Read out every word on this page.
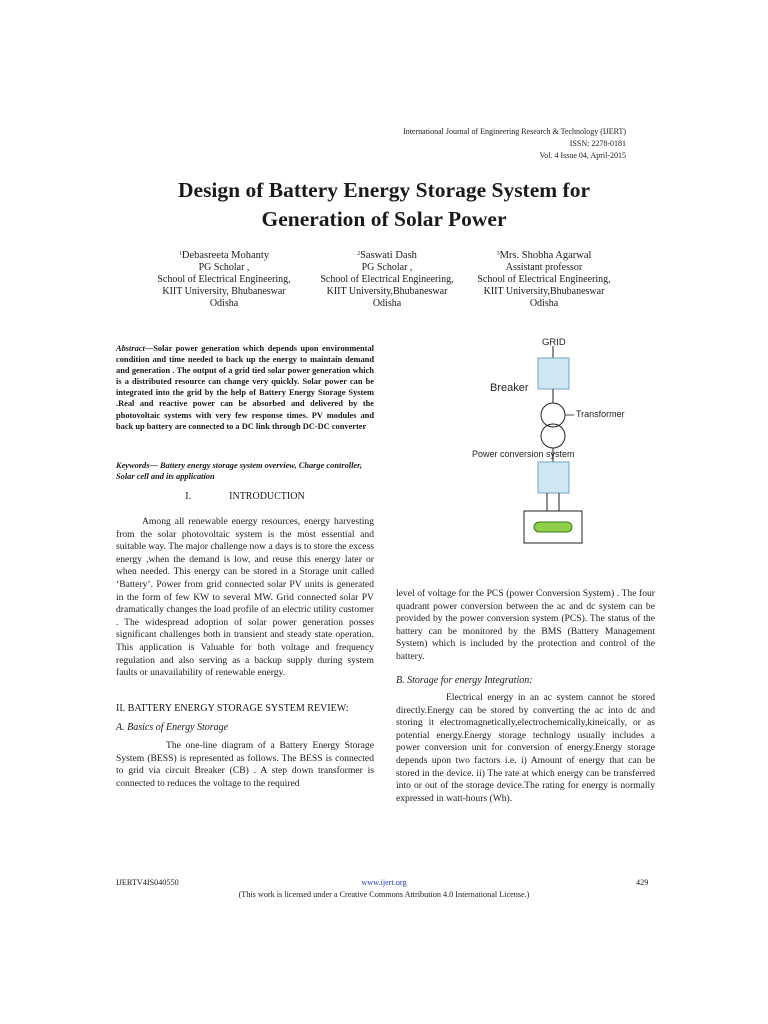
International Journal of Engineering Research & Technology (IJERT)
ISSN: 2278-0181
Vol. 4 Issue 04, April-2015
Design of Battery Energy Storage System for
Generation of Solar Power
$^1$Debasreeta Mohanty
PG Scholar ,
School of Electrical Engineering,
KIIT University, Bhubaneswar
Odisha
$^2$Saswati Dash
PG Scholar ,
School of Electrical Engineering,
KIIT University,Bhubaneswar
Odisha
$^3$Mrs. Shobha Agarwal
Assistant professor
School of Electrical Engineering,
KIIT University,Bhubaneswar
Odisha
Abstract—Solar power generation which depends upon environmental condition and time needed to back up the energy to maintain demand and generation . The output of a grid tied solar power generation which is a distributed resource can change very quickly. Solar power can be integrated into the grid by the help of Battery Energy Storage System .Real and reactive power can be absorbed and delivered by the photovoltaic systems with very few response times. PV modules and back up battery are connected to a DC link through DC-DC converter
Keywords— Battery energy storage system overview, Charge controller, Solar cell and its application
I.	INTRODUCTION

Among all renewable energy resources, energy harvesting from the solar photovoltaic system is the most essential and suitable way. The major challenge now a days is to store the excess energy ,when the demand is low, and reuse this energy later or when needed. This energy can be stored in a Storage unit called ‘Battery’. Power from grid connected solar PV units is generated in the form of few KW to several MW. Grid connected solar PV dramatically changes the load profile of an electric utility customer . The widespread adoption of solar power generation posses significant challenges both in transient and steady state operation. This application is Valuable for both voltage and frequency regulation and also serving as a backup supply during system faults or unavailability of renewable energy.

II. BATTERY ENERGY STORAGE SYSTEM REVIEW:
A. Basics of Energy Storage

The one-line diagram of a Battery Energy Storage System (BESS) is represented as follows. The BESS is connected to grid via circuit Breaker (CB) . A step down transformer is connected to reduces the voltage to the required

GRID
Breaker
Transformer
Power conversion system

level of voltage for the PCS (power Conversion System) . The four quadrant power conversion between the ac and dc system can be provided by the power conversion system (PCS). The status of the battery can be monitored by the BMS (Battery Management System) which is included by the protection and control of the battery.

B. Storage for energy Integration:

Electrical energy in an ac system cannot be stored directly.Energy can be stored by converting the ac into dc and storing it electromagnetically,electrochemically,kineically, or as potential energy.Energy storage technlogy usually includes a power conversion unit for conversion of energy.Energy storage depends upon two factors i.e. i) Amount of energy that can be stored in the device. ii) The rate at which energy can be transferred into or out of the storage device.The rating for energy is normally expressed in watt-hours (Wh).

IJERTV4IS040550	www.ijert.org	429
(This work is licensed under a Creative Commons Attribution 4.0 International License.)
